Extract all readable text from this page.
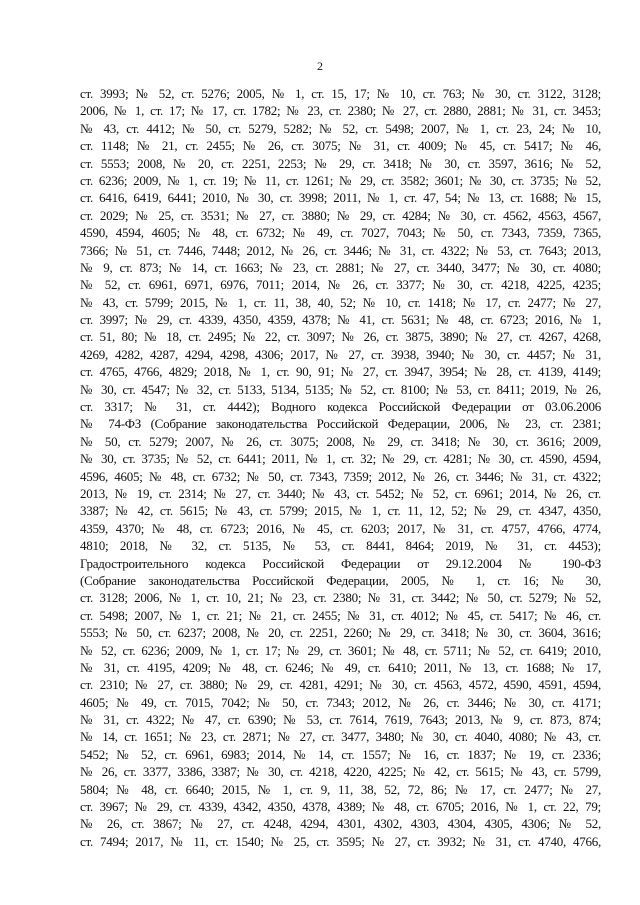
2
ст. 3993; № 52, ст. 5276; 2005, № 1, ст. 15, 17; № 10, ст. 763; № 30, ст. 3122, 3128;
2006, № 1, ст. 17; № 17, ст. 1782; № 23, ст. 2380; № 27, ст. 2880, 2881; № 31, ст. 3453;
№ 43, ст. 4412; № 50, ст. 5279, 5282; № 52, ст. 5498; 2007, № 1, ст. 23, 24; № 10,
ст. 1148; № 21, ст. 2455; № 26, ст. 3075; № 31, ст. 4009; № 45, ст. 5417; № 46,
ст. 5553; 2008, № 20, ст. 2251, 2253; № 29, ст. 3418; № 30, ст. 3597, 3616; № 52,
ст. 6236; 2009, № 1, ст. 19; № 11, ст. 1261; № 29, ст. 3582; 3601; № 30, ст. 3735; № 52,
ст. 6416, 6419, 6441; 2010, № 30, ст. 3998; 2011, № 1, ст. 47, 54; № 13, ст. 1688; № 15,
ст. 2029; № 25, ст. 3531; № 27, ст. 3880; № 29, ст. 4284; № 30, ст. 4562, 4563, 4567,
4590, 4594, 4605; № 48, ст. 6732; № 49, ст. 7027, 7043; № 50, ст. 7343, 7359, 7365,
7366; № 51, ст. 7446, 7448; 2012, № 26, ст. 3446; № 31, ст. 4322; № 53, ст. 7643; 2013,
№ 9, ст. 873; № 14, ст. 1663; № 23, ст. 2881; № 27, ст. 3440, 3477; № 30, ст. 4080;
№ 52, ст. 6961, 6971, 6976, 7011; 2014, № 26, ст. 3377; № 30, ст. 4218, 4225, 4235;
№ 43, ст. 5799; 2015, № 1, ст. 11, 38, 40, 52; № 10, ст. 1418; № 17, ст. 2477; № 27,
ст. 3997; № 29, ст. 4339, 4350, 4359, 4378; № 41, ст. 5631; № 48, ст. 6723; 2016, № 1,
ст. 51, 80; № 18, ст. 2495; № 22, ст. 3097; № 26, ст. 3875, 3890; № 27, ст. 4267, 4268,
4269, 4282, 4287, 4294, 4298, 4306; 2017, № 27, ст. 3938, 3940; № 30, ст. 4457; № 31,
ст. 4765, 4766, 4829; 2018, № 1, ст. 90, 91; № 27, ст. 3947, 3954; № 28, ст. 4139, 4149;
№ 30, ст. 4547; № 32, ст. 5133, 5134, 5135; № 52, ст. 8100; № 53, ст. 8411; 2019, № 26,
ст. 3317; № 31, ст. 4442); Водного кодекса Российской Федерации от 03.06.2006
№ 74-ФЗ (Собрание законодательства Российской Федерации, 2006, № 23, ст. 2381;
№ 50, ст. 5279; 2007, № 26, ст. 3075; 2008, № 29, ст. 3418; № 30, ст. 3616; 2009,
№ 30, ст. 3735; № 52, ст. 6441; 2011, № 1, ст. 32; № 29, ст. 4281; № 30, ст. 4590, 4594,
4596, 4605; № 48, ст. 6732; № 50, ст. 7343, 7359; 2012, № 26, ст. 3446; № 31, ст. 4322;
2013, № 19, ст. 2314; № 27, ст. 3440; № 43, ст. 5452; № 52, ст. 6961; 2014, № 26, ст.
3387; № 42, ст. 5615; № 43, ст. 5799; 2015, № 1, ст. 11, 12, 52; № 29, ст. 4347, 4350,
4359, 4370; № 48, ст. 6723; 2016, № 45, ст. 6203; 2017, № 31, ст. 4757, 4766, 4774,
4810; 2018, № 32, ст. 5135, № 53, ст. 8441, 8464; 2019, № 31, ст. 4453);
Градостроительного кодекса Российской Федерации от 29.12.2004 № 190-ФЗ
(Собрание законодательства Российской Федерации, 2005, № 1, ст. 16; № 30,
ст. 3128; 2006, № 1, ст. 10, 21; № 23, ст. 2380; № 31, ст. 3442; № 50, ст. 5279; № 52,
ст. 5498; 2007, № 1, ст. 21; № 21, ст. 2455; № 31, ст. 4012; № 45, ст. 5417; № 46, ст.
5553; № 50, ст. 6237; 2008, № 20, ст. 2251, 2260; № 29, ст. 3418; № 30, ст. 3604, 3616;
№ 52, ст. 6236; 2009, № 1, ст. 17; № 29, ст. 3601; № 48, ст. 5711; № 52, ст. 6419; 2010,
№ 31, ст. 4195, 4209; № 48, ст. 6246; № 49, ст. 6410; 2011, № 13, ст. 1688; № 17,
ст. 2310; № 27, ст. 3880; № 29, ст. 4281, 4291; № 30, ст. 4563, 4572, 4590, 4591, 4594,
4605; № 49, ст. 7015, 7042; № 50, ст. 7343; 2012, № 26, ст. 3446; № 30, ст. 4171;
№ 31, ст. 4322; № 47, ст. 6390; № 53, ст. 7614, 7619, 7643; 2013, № 9, ст. 873, 874;
№ 14, ст. 1651; № 23, ст. 2871; № 27, ст. 3477, 3480; № 30, ст. 4040, 4080; № 43, ст.
5452; № 52, ст. 6961, 6983; 2014, № 14, ст. 1557; № 16, ст. 1837; № 19, ст. 2336;
№ 26, ст. 3377, 3386, 3387; № 30, ст. 4218, 4220, 4225; № 42, ст. 5615; № 43, ст. 5799,
5804; № 48, ст. 6640; 2015, № 1, ст. 9, 11, 38, 52, 72, 86; № 17, ст. 2477; № 27,
ст. 3967; № 29, ст. 4339, 4342, 4350, 4378, 4389; № 48, ст. 6705; 2016, № 1, ст. 22, 79;
№ 26, ст. 3867; № 27, ст. 4248, 4294, 4301, 4302, 4303, 4304, 4305, 4306; № 52,
ст. 7494; 2017, № 11, ст. 1540; № 25, ст. 3595; № 27, ст. 3932; № 31, ст. 4740, 4766,
